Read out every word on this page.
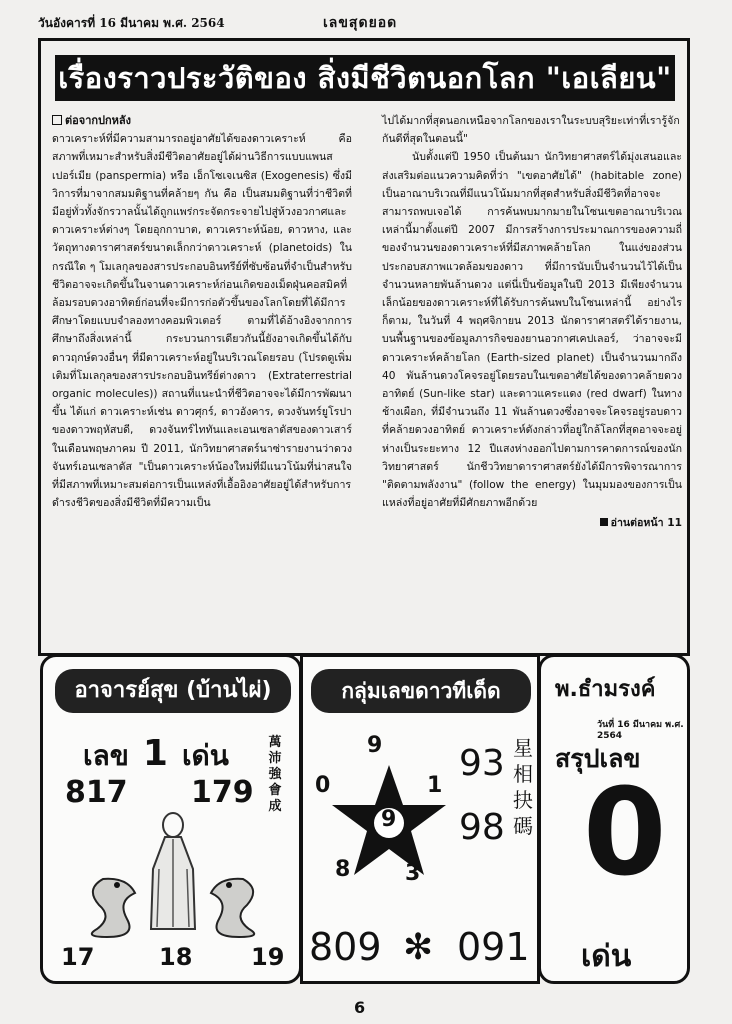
วันอังคารที่ 16 มีนาคม พ.ศ. 2564	เลขสุดยอด
เรื่องราวประวัติของ สิ่งมีชีวิตนอกโลก "เอเลียน"
ต่อจากปกหลัง

ดาวเคราะห์ที่มีความสามารถอยู่อาศัยได้ของดาวเคราะห์ คือ สภาพที่เหมาะสำหรับสิ่งมีชีวิตอาศัยอยู่ได้ผ่านวิธีการแบบแพนสเปอร์เมีย (panspermia) หรือ เอ็กโซเจเนซิส (Exogenesis) ซึ่งมีวิการที่มาจากสมมติฐานที่คล้ายๆ กัน คือ เป็นสมมติฐานที่ว่าชีวิตที่มีอยู่ทั่วทั้งจักรวาลนั้นได้ถูกแพร่กระจัดกระจายไปสู่ห้วงอวกาศและดาวเคราะห์ต่างๆ โดยอุกกาบาต, ดาวเคราะห์น้อย, ดาวหาง, และ วัตถุทางดาราศาสตร์ขนาดเล็กกว่าดาวเคราะห์ (planetoids) ในกรณีใด ๆ โมเลกุลของสารประกอบอินทรีย์ที่ซับซ้อนที่จำเป็นสำหรับชีวิตอาจจะเกิดขึ้นในจานดาวเคราะห์ก่อนเกิดของเม็ดฝุ่นคอสมิคที่ล้อมรอบดวงอาทิตย์ก่อนที่จะมีการก่อตัวขึ้นของโลกโดยที่ได้มีการศึกษาโดยแบบจำลองทางคอมพิวเตอร์ ตามที่ได้อ้างอิงจากการศึกษาถึงสิ่งเหล่านี้ กระบวนการเดียวกันนี้ยังอาจเกิดขึ้นได้กับดาวฤกษ์ดวงอื่นๆ ที่มีดาวเคราะห์อยู่ในบริเวณโดยรอบ (โปรดดูเพิ่มเติมที่โมเลกุลของสารประกอบอินทรีย์ต่างดาว (Extraterrestrial organic molecules)) สถานที่แนะนำที่ชีวิตอาจจะได้มีการพัฒนาขึ้น ได้แก่ ดาวเคราะห์เช่น ดาวศุกร์, ดาวอังคาร, ดวงจันทร์ยูโรปาของดาวพฤหัสบดี, ดวงจันทร์ไททันและเอนเซลาดัสของดาวเสาร์ ในเดือนพฤษภาคม ปี 2011, นักวิทยาศาสตร์นาซ่ารายงานว่าดวงจันทร์เอนเซลาดัส "เป็นดาวเคราะห์น้องใหม่ที่มีแนวโน้มที่น่าสนใจที่มีสภาพที่เหมาะสมต่อการเป็นแหล่งที่เอื้ออิงอาศัยอยู่ได้สำหรับการดำรงชีวิตของสิ่งมีชีวิตที่มีความเป็น

ไปได้มากที่สุดนอกเหนือจากโลกของเราในระบบสุริยะเท่าที่เรารู้จักกันดีที่สุดในตอนนี้"

นับตั้งแต่ปี 1950 เป็นต้นมา นักวิทยาศาสตร์ได้มุ่งเสนอและส่งเสริมต่อแนวความคิดที่ว่า "เขตอาศัยได้" (habitable zone) เป็นอาณาบริเวณที่มีแนวโน้มมากที่สุดสำหรับสิ่งมีชีวิตที่อาจจะสามารถพบเจอได้ การค้นพบมากมายในโซนเขตอาณาบริเวณเหล่านี้มาตั้งแต่ปี 2007 มีการสร้างการประมาณการของความถี่ของจำนวนของดาวเคราะห์ที่มีสภาพคล้ายโลก ในแง่ของส่วนประกอบสภาพแวดล้อมของดาว ที่มีการนับเป็นจำนวนไว้ได้เป็นจำนวนหลายพันล้านดวง แต่นี่เป็นข้อมูลในปี 2013 มีเพียงจำนวนเล็กน้อยของดาวเคราะห์ที่ได้รับการค้นพบในโซนเหล่านี้ อย่างไรก็ตาม, ในวันที่ 4 พฤศจิกายน 2013 นักดาราศาสตร์ได้รายงาน, บนพื้นฐานของข้อมูลภารกิจของยานอวกาศเคปเลอร์, ว่าอาจจะมีดาวเคราะห์คล้ายโลก (Earth-sized planet) เป็นจำนวนมากถึง 40 พันล้านดวงโคจรอยู่โดยรอบในเขตอาศัยได้ของดาวคล้ายดวงอาทิตย์ (Sun-like star) และดาวแคระแดง (red dwarf) ในทางช้างเผือก, ที่มีจำนวนถึง 11 พันล้านดวงซึ่งอาจจะโคจรอยู่รอบดาวที่คล้ายดวงอาทิตย์ ดาวเคราะห์ดังกล่าวที่อยู่ใกล้โลกที่สุดอาจจะอยู่ห่างเป็นระยะทาง 12 ปีแสงห่างออกไปตามการคาดการณ์ของนักวิทยาศาสตร์ นักชีววิทยาดาราศาสตร์ยังได้มีการพิจารณาการ "ติดตามพลังงาน" (follow the energy) ในมุมมองของการเป็นแหล่งที่อยู่อาศัยที่มีศักยภาพอีกด้วย

อ่านต่อหน้า 11
อาจารย์สุข (บ้านไผ่)
เลข 1 เด่น
817 179
萬沛強會成
17	18 19
กลุ่มเลขดาวทีเด็ด
9
0	1
8 3
9
93
98
星相抉碼
809 ✻ 091
พ.ธำมรงค์
วันที่ 16 มีนาคม พ.ศ. 2564
สรุปเลข
0
เด่น
6
